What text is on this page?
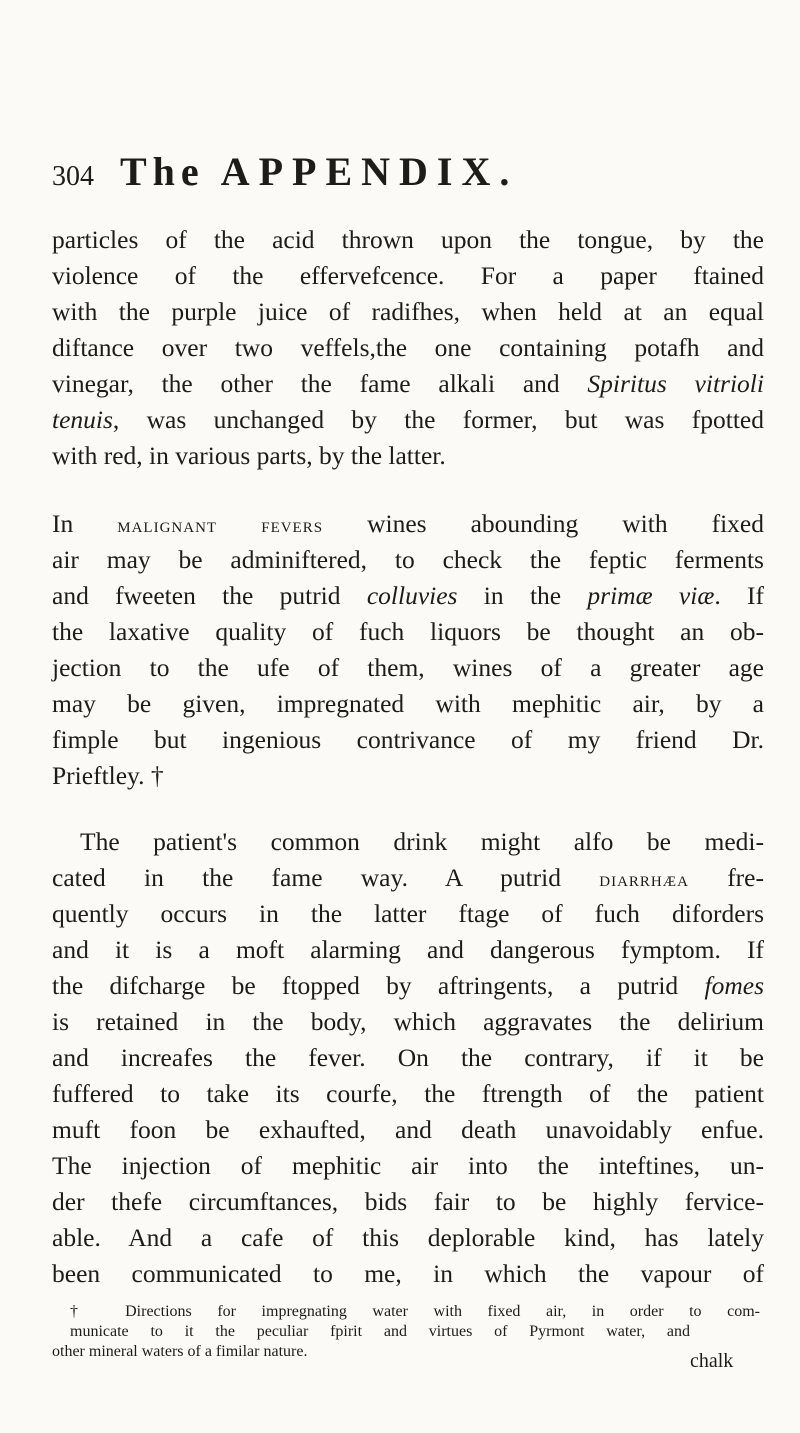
304 The APPENDIX.
particles of the acid thrown upon the tongue, by the
violence of the effervefcence. For a paper ftained
with the purple juice of radifhes, when held at an equal
diftance over two veffels,the one containing potafh and
vinegar, the other the fame alkali and Spiritus vitrioli
tenuis, was unchanged by the former, but was fpotted
with red, in various parts, by the latter.
In malignant fevers wines abounding with fixed
air may be adminiftered, to check the feptic ferments
and fweeten the putrid colluvies in the primæ viæ. If
the laxative quality of fuch liquors be thought an ob-
jection to the ufe of them, wines of a greater age
may be given, impregnated with mephitic air, by a
fimple but ingenious contrivance of my friend Dr.
Prieftley. †
The patient's common drink might alfo be medi-
cated in the fame way. A putrid diarrhæa fre-
quently occurs in the latter ftage of fuch diforders
and it is a moft alarming and dangerous fymptom. If
the difcharge be ftopped by aftringents, a putrid fomes
is retained in the body, which aggravates the delirium
and increafes the fever. On the contrary, if it be
fuffered to take its courfe, the ftrength of the patient
muft foon be exhaufted, and death unavoidably enfue.
The injection of mephitic air into the inteftines, un-
der thefe circumftances, bids fair to be highly fervice-
able. And a cafe of this deplorable kind, has lately
been communicated to me, in which the vapour of
† Directions for impregnating water with fixed air, in order to com-
municate to it the peculiar fpirit and virtues of Pyrmont water, and
other mineral waters of a fimilar nature.	chalk
